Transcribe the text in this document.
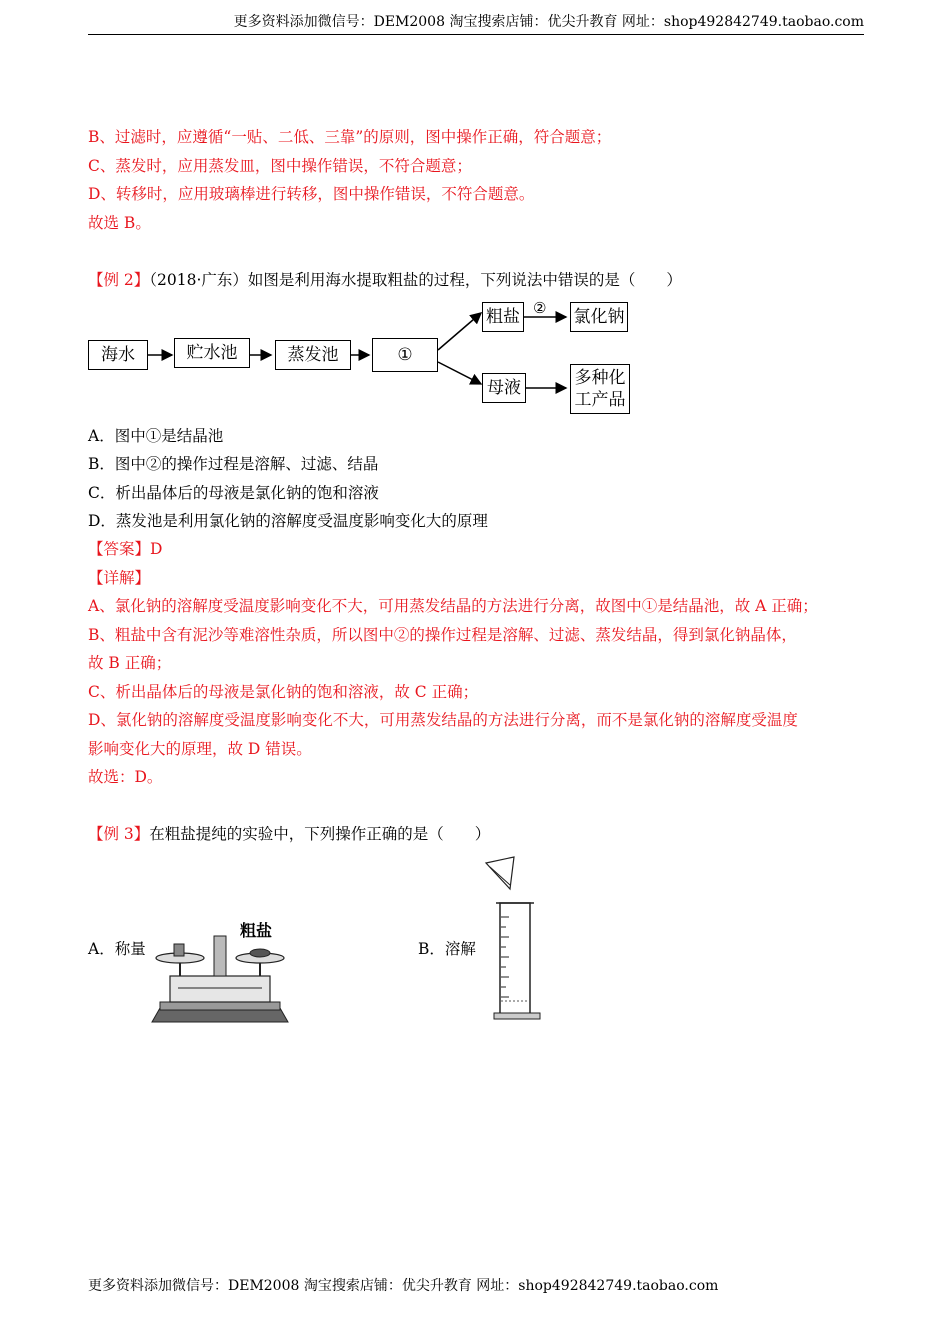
更多资料添加微信号：DEM2008 淘宝搜索店铺：优尖升教育 网址：shop492842749.taobao.com
B、过滤时，应遵循“一贴、二低、三靠”的原则，图中操作正确，符合题意；
C、蒸发时，应用蒸发皿，图中操作错误，不符合题意；
D、转移时，应用玻璃棒进行转移，图中操作错误，不符合题意。
故选 B。
【例 2】（2018·广东）如图是利用海水提取粗盐的过程，下列说法中错误的是（　　）
海水	贮水池	蒸发池	①
粗盐 ② 氯化钠
母液	多种化
工产品
A．图中①是结晶池
B．图中②的操作过程是溶解、过滤、结晶
C．析出晶体后的母液是氯化钠的饱和溶液
D．蒸发池是利用氯化钠的溶解度受温度影响变化大的原理
【答案】D
【详解】
A、氯化钠的溶解度受温度影响变化不大，可用蒸发结晶的方法进行分离，故图中①是结晶池，故 A 正确；
B、粗盐中含有泥沙等难溶性杂质，所以图中②的操作过程是溶解、过滤、蒸发结晶，得到氯化钠晶体，
故 B 正确；
C、析出晶体后的母液是氯化钠的饱和溶液，故 C 正确；
D、氯化钠的溶解度受温度影响变化不大，可用蒸发结晶的方法进行分离，而不是氯化钠的溶解度受温度
影响变化大的原理，故 D 错误。
故选：D。
【例 3】在粗盐提纯的实验中，下列操作正确的是（　　）
A．称量	B．溶解
粗盐
更多资料添加微信号：DEM2008 淘宝搜索店铺：优尖升教育 网址：shop492842749.taobao.com
